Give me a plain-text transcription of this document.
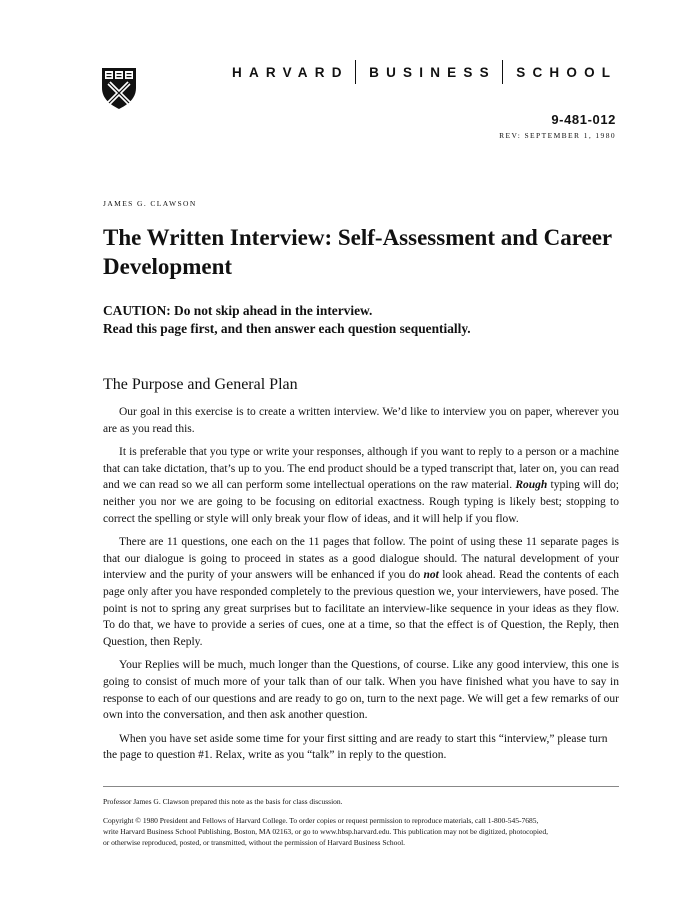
HARVARD BUSINESS SCHOOL
9-481-012
REV: SEPTEMBER 1, 1980
JAMES G. CLAWSON
The Written Interview: Self-Assessment and Career Development
CAUTION: Do not skip ahead in the interview.
Read this page first, and then answer each question sequentially.
The Purpose and General Plan

Our goal in this exercise is to create a written interview. We’d like to interview you on paper, wherever you are as you read this.

It is preferable that you type or write your responses, although if you want to reply to a person or a machine that can take dictation, that’s up to you. The end product should be a typed transcript that, later on, you can read and we can read so we all can perform some intellectual operations on the raw material. Rough typing will do; neither you nor we are going to be focusing on editorial exactness. Rough typing is likely best; stopping to correct the spelling or style will only break your flow of ideas, and it will help if you flow.

There are 11 questions, one each on the 11 pages that follow. The point of using these 11 separate pages is that our dialogue is going to proceed in states as a good dialogue should. The natural development of your interview and the purity of your answers will be enhanced if you do not look ahead. Read the contents of each page only after you have responded completely to the previous question we, your interviewers, have posed. The point is not to spring any great surprises but to facilitate an interview-like sequence in your ideas as they flow. To do that, we have to provide a series of cues, one at a time, so that the effect is of Question, the Reply, then Question, then Reply.

Your Replies will be much, much longer than the Questions, of course. Like any good interview, this one is going to consist of much more of your talk than of our talk. When you have finished what you have to say in response to each of our questions and are ready to go on, turn to the next page. We will get a few remarks of our own into the conversation, and then ask another question.

When you have set aside some time for your first sitting and are ready to start this “interview,” please turn the page to question #1. Relax, write as you “talk” in reply to the question.

Professor James G. Clawson prepared this note as the basis for class discussion.
Copyright © 1980 President and Fellows of Harvard College. To order copies or request permission to reproduce materials, call 1-800-545-7685,
write Harvard Business School Publishing, Boston, MA 02163, or go to www.hbsp.harvard.edu. This publication may not be digitized, photocopied,
or otherwise reproduced, posted, or transmitted, without the permission of Harvard Business School.
